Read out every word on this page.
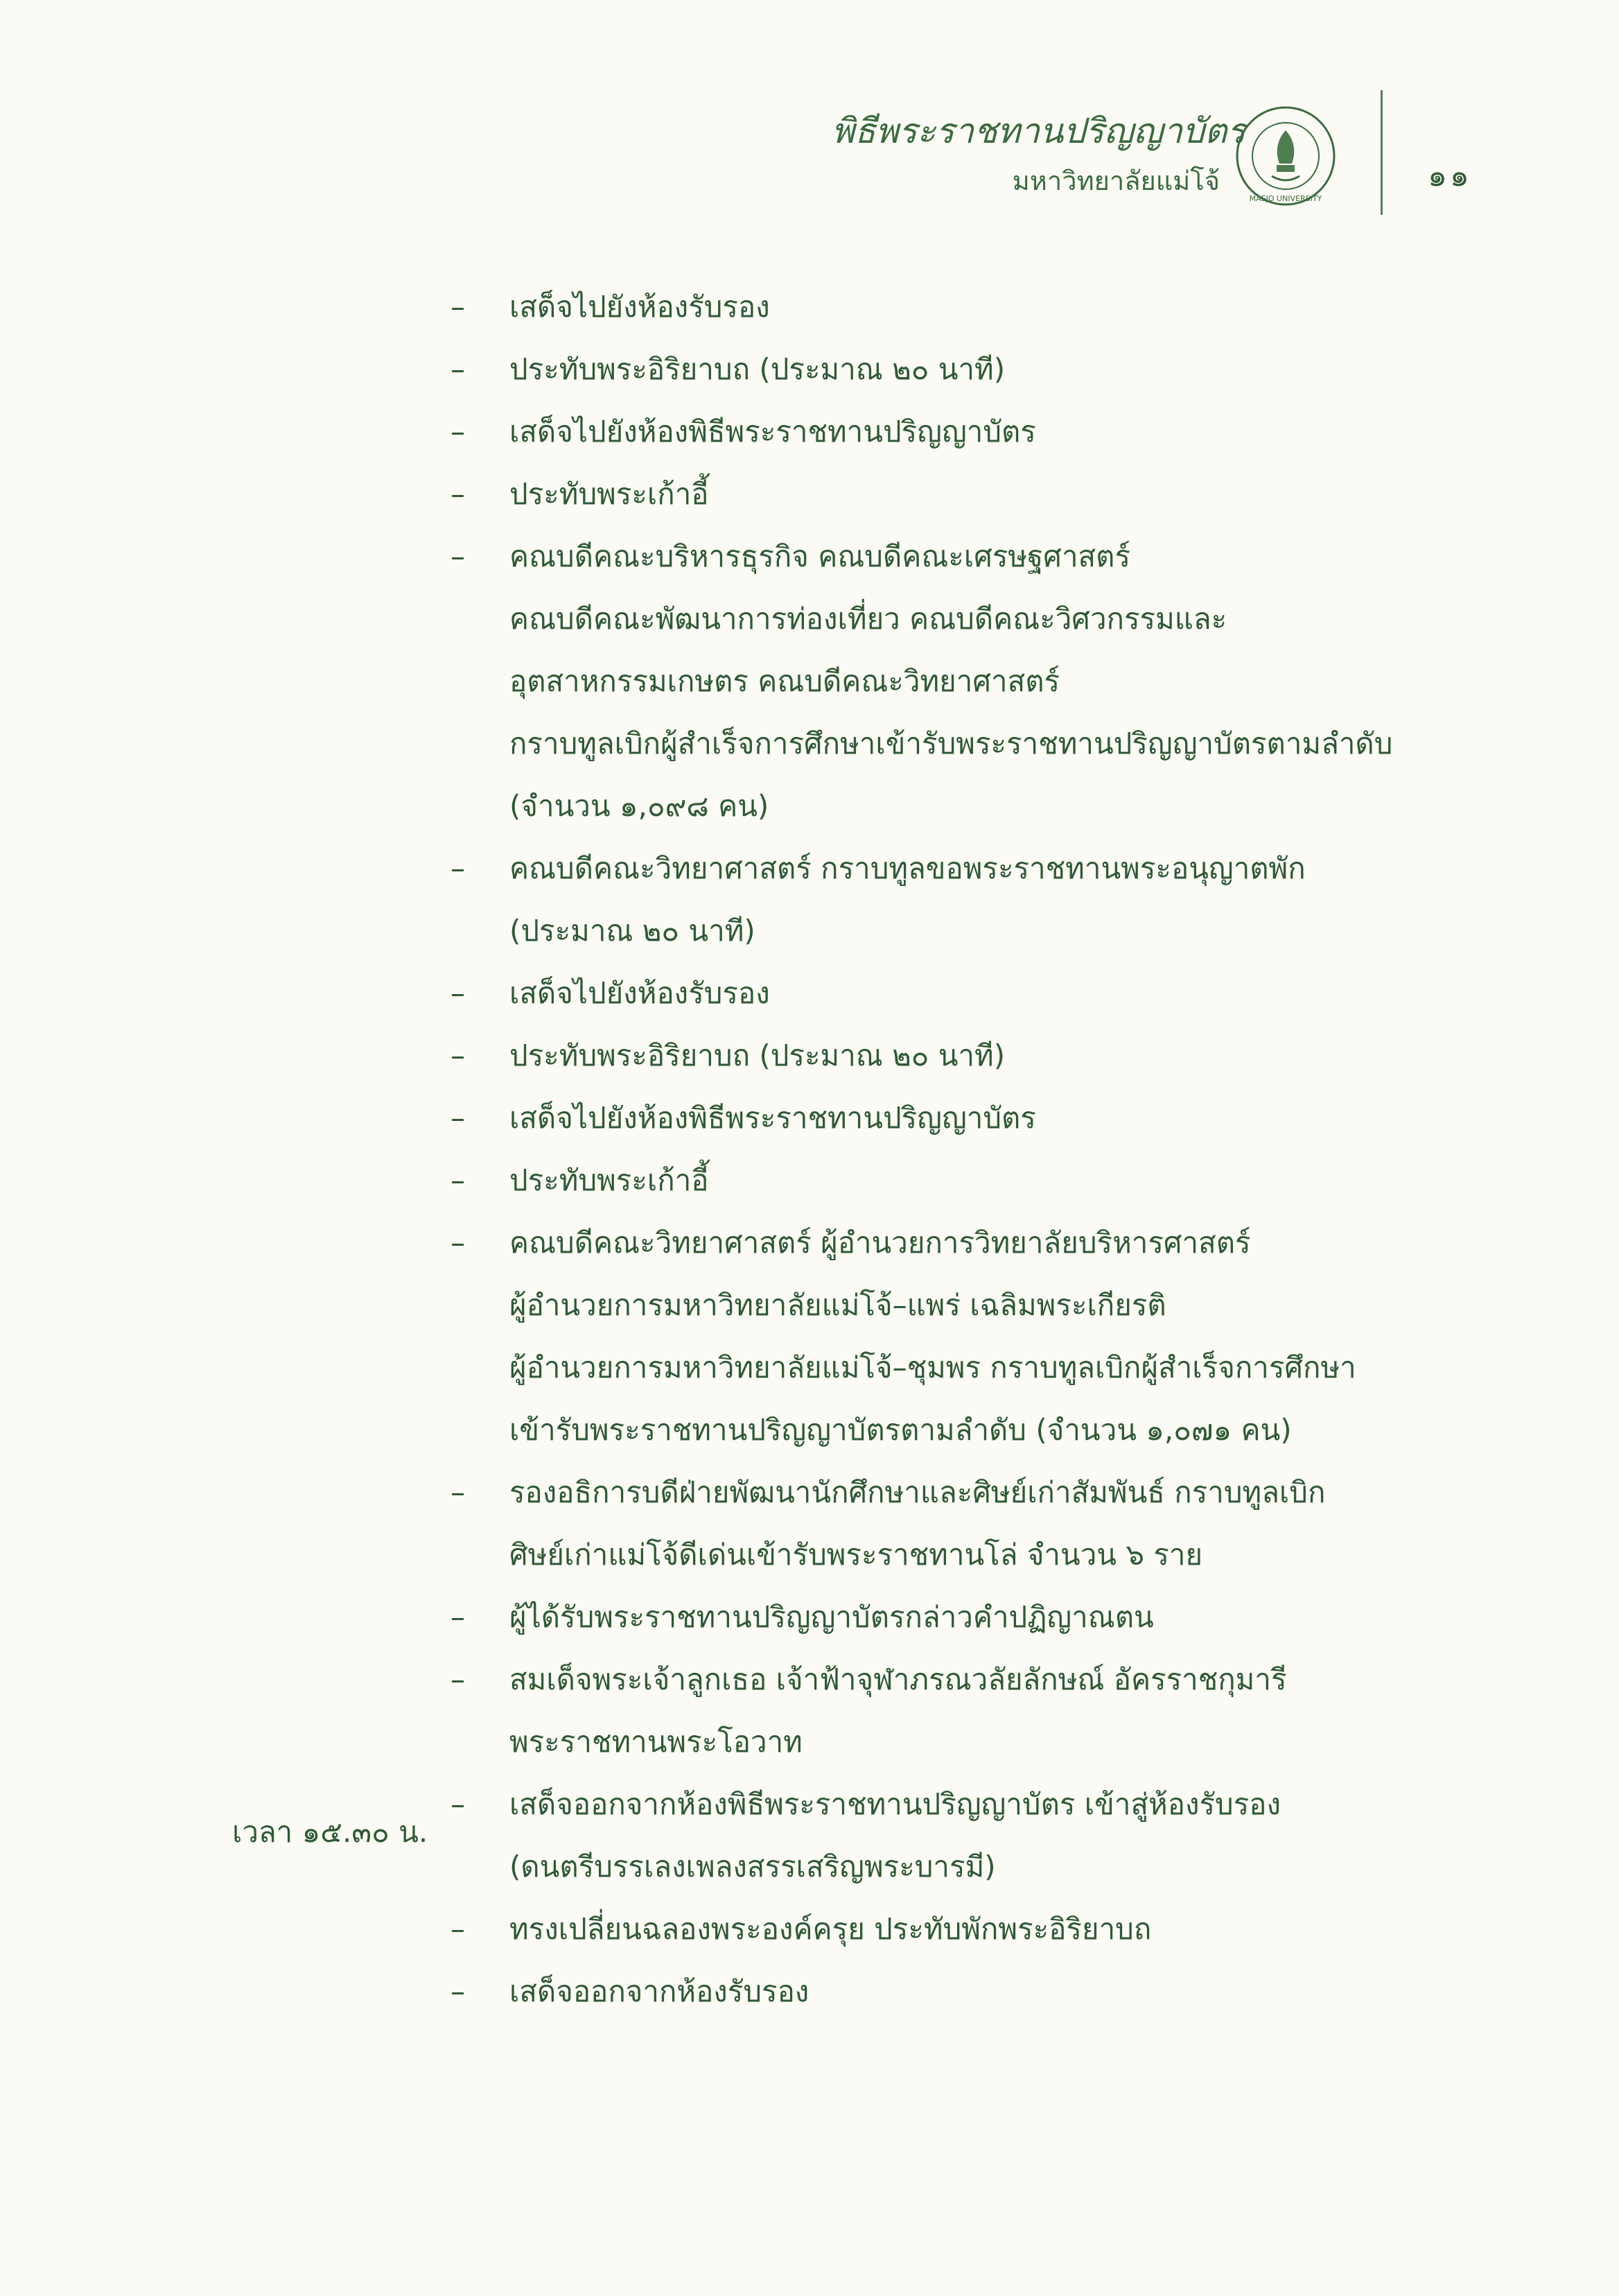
พิธีพระราชทานปริญญาบัตร
มหาวิทยาลัยแม่โจ้
MAEJO UNIVERSITY
๑๑
เวลา ๑๕.๓๐ น.
– เสด็จไปยังห้องรับรอง
– ประทับพระอิริยาบถ (ประมาณ ๒๐ นาที)
– เสด็จไปยังห้องพิธีพระราชทานปริญญาบัตร
– ประทับพระเก้าอี้
– คณบดีคณะบริหารธุรกิจ คณบดีคณะเศรษฐศาสตร์
คณบดีคณะพัฒนาการท่องเที่ยว คณบดีคณะวิศวกรรมและ
อุตสาหกรรมเกษตร คณบดีคณะวิทยาศาสตร์
กราบทูลเบิกผู้สำเร็จการศึกษาเข้ารับพระราชทานปริญญาบัตรตามลำดับ
(จำนวน ๑,๐๙๘ คน)
– คณบดีคณะวิทยาศาสตร์ กราบทูลขอพระราชทานพระอนุญาตพัก
(ประมาณ ๒๐ นาที)
– เสด็จไปยังห้องรับรอง
– ประทับพระอิริยาบถ (ประมาณ ๒๐ นาที)
– เสด็จไปยังห้องพิธีพระราชทานปริญญาบัตร
– ประทับพระเก้าอี้
– คณบดีคณะวิทยาศาสตร์ ผู้อำนวยการวิทยาลัยบริหารศาสตร์
ผู้อำนวยการมหาวิทยาลัยแม่โจ้–แพร่ เฉลิมพระเกียรติ
ผู้อำนวยการมหาวิทยาลัยแม่โจ้–ชุมพร กราบทูลเบิกผู้สำเร็จการศึกษา
เข้ารับพระราชทานปริญญาบัตรตามลำดับ (จำนวน ๑,๐๗๑ คน)
– รองอธิการบดีฝ่ายพัฒนานักศึกษาและศิษย์เก่าสัมพันธ์ กราบทูลเบิก
ศิษย์เก่าแม่โจ้ดีเด่นเข้ารับพระราชทานโล่ จำนวน ๖ ราย
– ผู้ได้รับพระราชทานปริญญาบัตรกล่าวคำปฏิญาณตน
– สมเด็จพระเจ้าลูกเธอ เจ้าฟ้าจุฬาภรณวลัยลักษณ์ อัครราชกุมารี
พระราชทานพระโอวาท
– เสด็จออกจากห้องพิธีพระราชทานปริญญาบัตร เข้าสู่ห้องรับรอง
(ดนตรีบรรเลงเพลงสรรเสริญพระบารมี)
– ทรงเปลี่ยนฉลองพระองค์ครุย ประทับพักพระอิริยาบถ
– เสด็จออกจากห้องรับรอง
